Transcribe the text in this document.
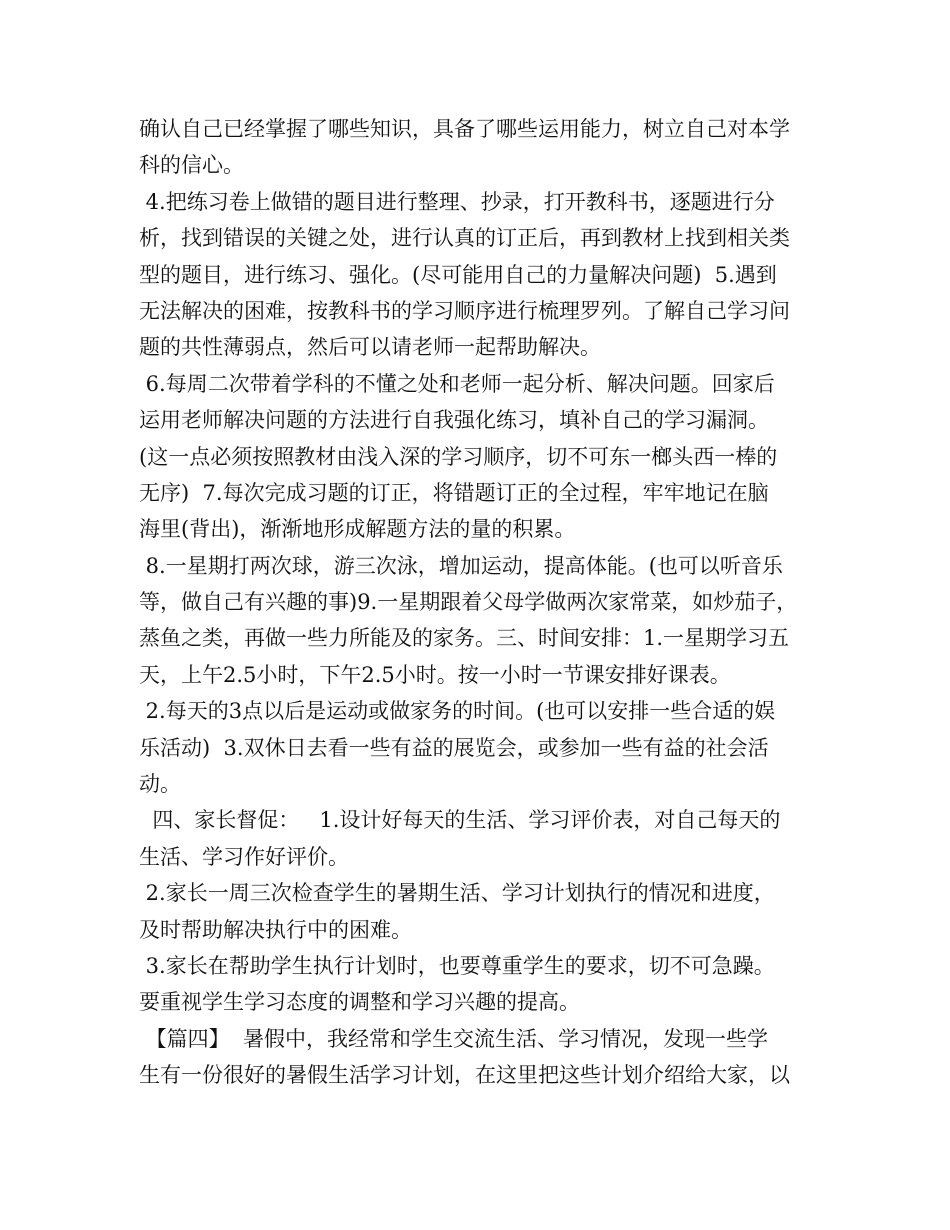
确认自己已经掌握了哪些知识，具备了哪些运用能力，树立自己对本学
科的信心。
4.把练习卷上做错的题目进行整理、抄录，打开教科书，逐题进行分
析，找到错误的关键之处，进行认真的订正后，再到教材上找到相关类
型的题目，进行练习、强化。(尽可能用自己的力量解决问题)  5.遇到
无法解决的困难，按教科书的学习顺序进行梳理罗列。了解自己学习问
题的共性薄弱点，然后可以请老师一起帮助解决。
6.每周二次带着学科的不懂之处和老师一起分析、解决问题。回家后
运用老师解决问题的方法进行自我强化练习，填补自己的学习漏洞。
(这一点必须按照教材由浅入深的学习顺序，切不可东一榔头西一棒的
无序)  7.每次完成习题的订正，将错题订正的全过程，牢牢地记在脑
海里(背出)，渐渐地形成解题方法的量的积累。
8.一星期打两次球，游三次泳，增加运动，提高体能。(也可以听音乐
等，做自己有兴趣的事)9.一星期跟着父母学做两次家常菜，如炒茄子，
蒸鱼之类，再做一些力所能及的家务。三、时间安排：1.一星期学习五
天，上午2.5小时，下午2.5小时。按一小时一节课安排好课表。
2.每天的3点以后是运动或做家务的时间。(也可以安排一些合适的娱
乐活动)  3.双休日去看一些有益的展览会，或参加一些有益的社会活
动。
四、家长督促：   1.设计好每天的生活、学习评价表，对自己每天的
生活、学习作好评价。
2.家长一周三次检查学生的暑期生活、学习计划执行的情况和进度，
及时帮助解决执行中的困难。
3.家长在帮助学生执行计划时，也要尊重学生的要求，切不可急躁。
要重视学生学习态度的调整和学习兴趣的提高。
【篇四】  暑假中，我经常和学生交流生活、学习情况，发现一些学
生有一份很好的暑假生活学习计划，在这里把这些计划介绍给大家，以
